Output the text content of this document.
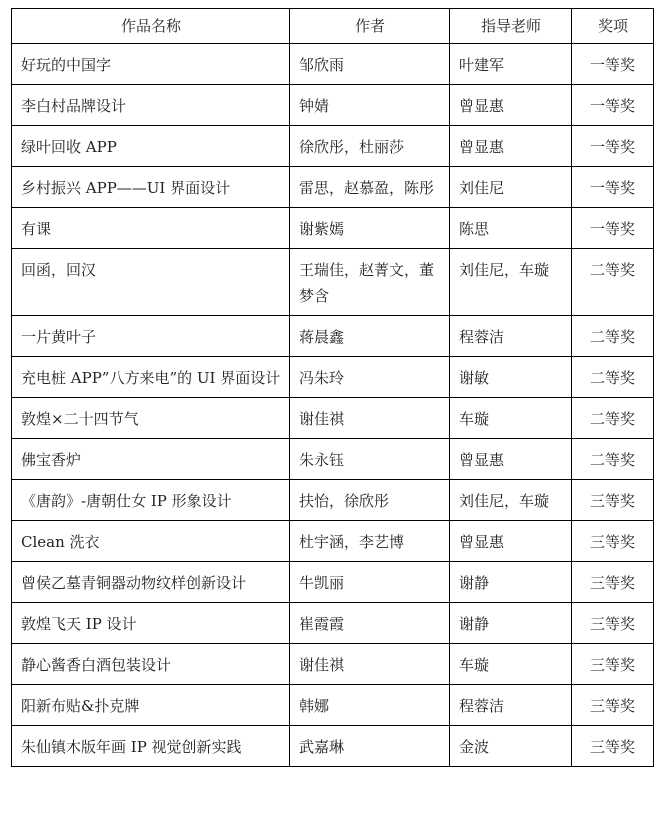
作品名称	作者	指导老师	奖项
好玩的中国字	邹欣雨	叶建军	一等奖
李白村品牌设计	钟婧	曾显惠	一等奖
绿叶回收 APP	徐欣彤，杜丽莎	曾显惠	一等奖
乡村振兴 APP——UI 界面设计	雷思，赵慕盈，陈彤	刘佳尼	一等奖
有课	谢紫嫣	陈思	一等奖
回函，回汉	王瑞佳，赵菁文，董梦含	刘佳尼，车璇	二等奖
一片黄叶子	蒋晨鑫	程蓉洁	二等奖
充电桩 APP”八方来电”的 UI 界面设计	冯朱玲	谢敏	二等奖
敦煌×二十四节气	谢佳祺	车璇	二等奖
佛宝香炉	朱永钰	曾显惠	二等奖
《唐韵》-唐朝仕女 IP 形象设计	扶怡，徐欣彤	刘佳尼，车璇	三等奖
Clean 洗衣	杜宇涵，李艺博	曾显惠	三等奖
曾侯乙墓青铜器动物纹样创新设计	牛凯丽	谢静	三等奖
敦煌飞天 IP 设计	崔霞霞	谢静	三等奖
静心酱香白酒包装设计	谢佳祺	车璇	三等奖
阳新布贴&扑克牌	韩娜	程蓉洁	三等奖
朱仙镇木版年画 IP 视觉创新实践	武嘉琳	金波	三等奖
